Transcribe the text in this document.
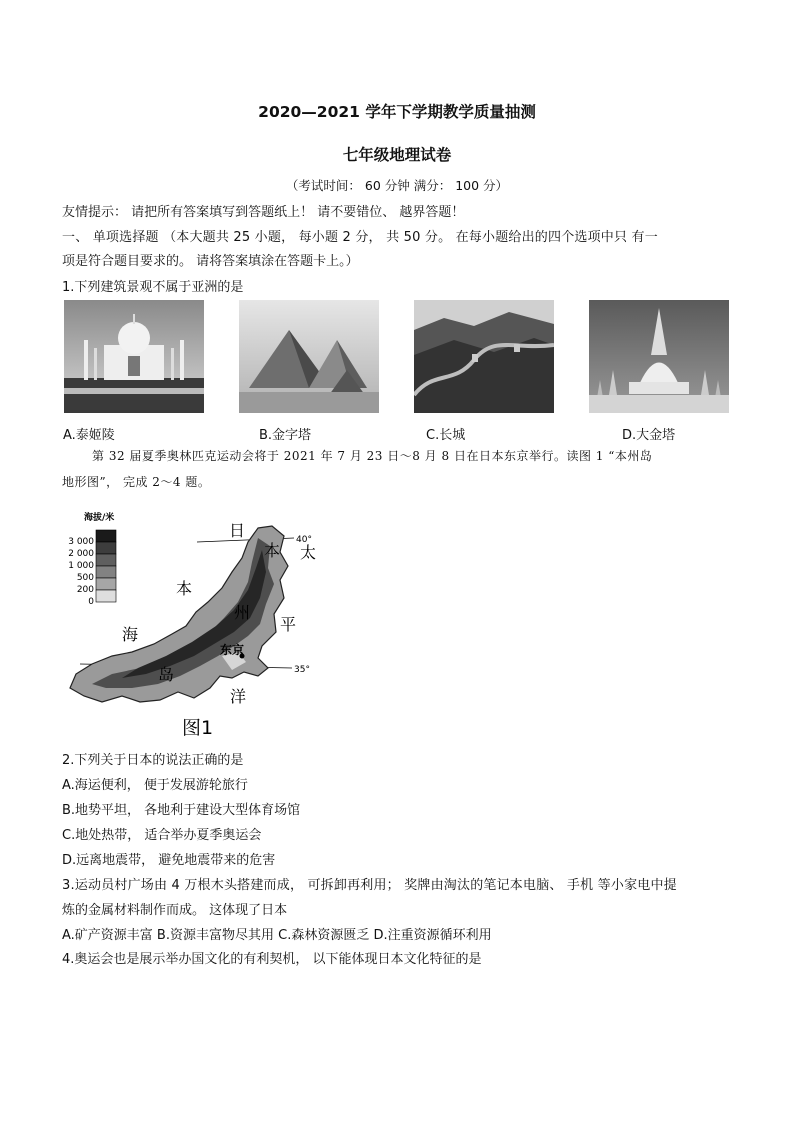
2020—2021 学年下学期教学质量抽测
七年级地理试卷
（考试时间： 60 分钟 满分： 100 分）
友情提示： 请把所有答案填写到答题纸上！ 请不要错位、 越界答题！
一、 单项选择题 （本大题共 25 小题， 每小题 2 分， 共 50 分。 在每小题给出的四个选项中只 有一
项是符合题目要求的。 请将答案填涂在答题卡上。）
1.下列建筑景观不属于亚洲的是
A.泰姬陵	B.金字塔	C.长城	D.大金塔
第 32 届夏季奥林匹克运动会将于 2021 年 7 月 23 日～8 月 8 日在日本东京举行。读图 1 “本州岛
地形图”， 完成 2～4 题。
海拔/米
3 000
2 000
1 000
500
200
0
40°
35°
日
本 太
本
州
平
海
东京
岛
洋
图1
2.下列关于日本的说法正确的是
A.海运便利， 便于发展游轮旅行
B.地势平坦， 各地利于建设大型体育场馆
C.地处热带， 适合举办夏季奥运会
D.远离地震带， 避免地震带来的危害
3.运动员村广场由 4 万根木头搭建而成， 可拆卸再利用； 奖牌由淘汰的笔记本电脑、 手机 等小家电中提
炼的金属材料制作而成。 这体现了日本
A.矿产资源丰富 B.资源丰富物尽其用 C.森林资源匮乏 D.注重资源循环利用
4.奥运会也是展示举办国文化的有利契机， 以下能体现日本文化特征的是
